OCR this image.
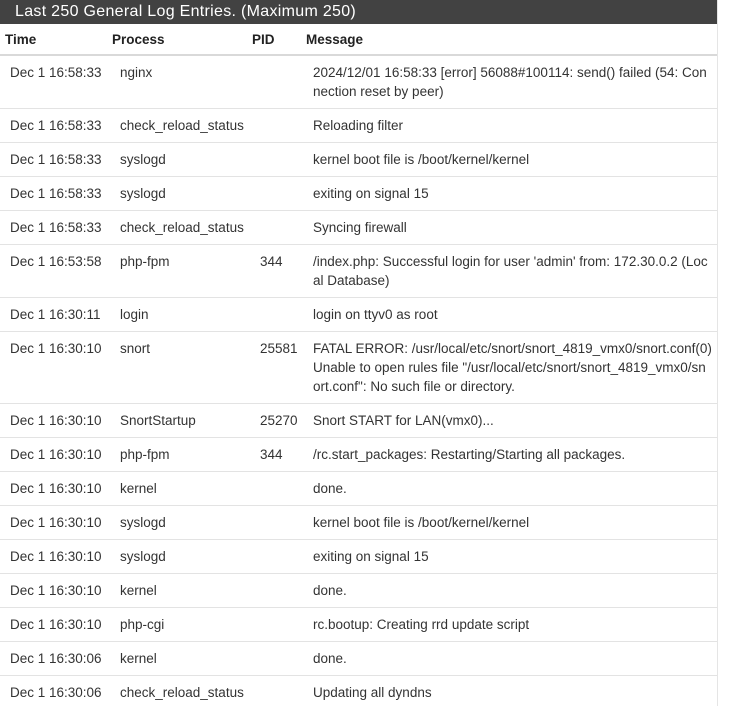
Last 250 General Log Entries. (Maximum 250)
Time	Process	PID	Message
Dec 1 16:58:33	nginx		2024/12/01 16:58:33 [error] 56088#100114: send() failed (54: Connection reset by peer)
Dec 1 16:58:33	check_reload_status		Reloading filter
Dec 1 16:58:33	syslogd		kernel boot file is /boot/kernel/kernel
Dec 1 16:58:33	syslogd		exiting on signal 15
Dec 1 16:58:33	check_reload_status		Syncing firewall
Dec 1 16:53:58	php-fpm	344	/index.php: Successful login for user 'admin' from: 172.30.0.2 (Local Database)
Dec 1 16:30:11	login		login on ttyv0 as root
Dec 1 16:30:10	snort	25581	FATAL ERROR: /usr/local/etc/snort/snort_4819_vmx0/snort.conf(0) Unable to open rules file "/usr/local/etc/snort/snort_4819_vmx0/snort.conf": No such file or directory.
Dec 1 16:30:10	SnortStartup	25270	Snort START for LAN(vmx0)...
Dec 1 16:30:10	php-fpm	344	/rc.start_packages: Restarting/Starting all packages.
Dec 1 16:30:10	kernel		done.
Dec 1 16:30:10	syslogd		kernel boot file is /boot/kernel/kernel
Dec 1 16:30:10	syslogd		exiting on signal 15
Dec 1 16:30:10	kernel		done.
Dec 1 16:30:10	php-cgi		rc.bootup: Creating rrd update script
Dec 1 16:30:06	kernel		done.
Dec 1 16:30:06	check_reload_status		Updating all dyndns
